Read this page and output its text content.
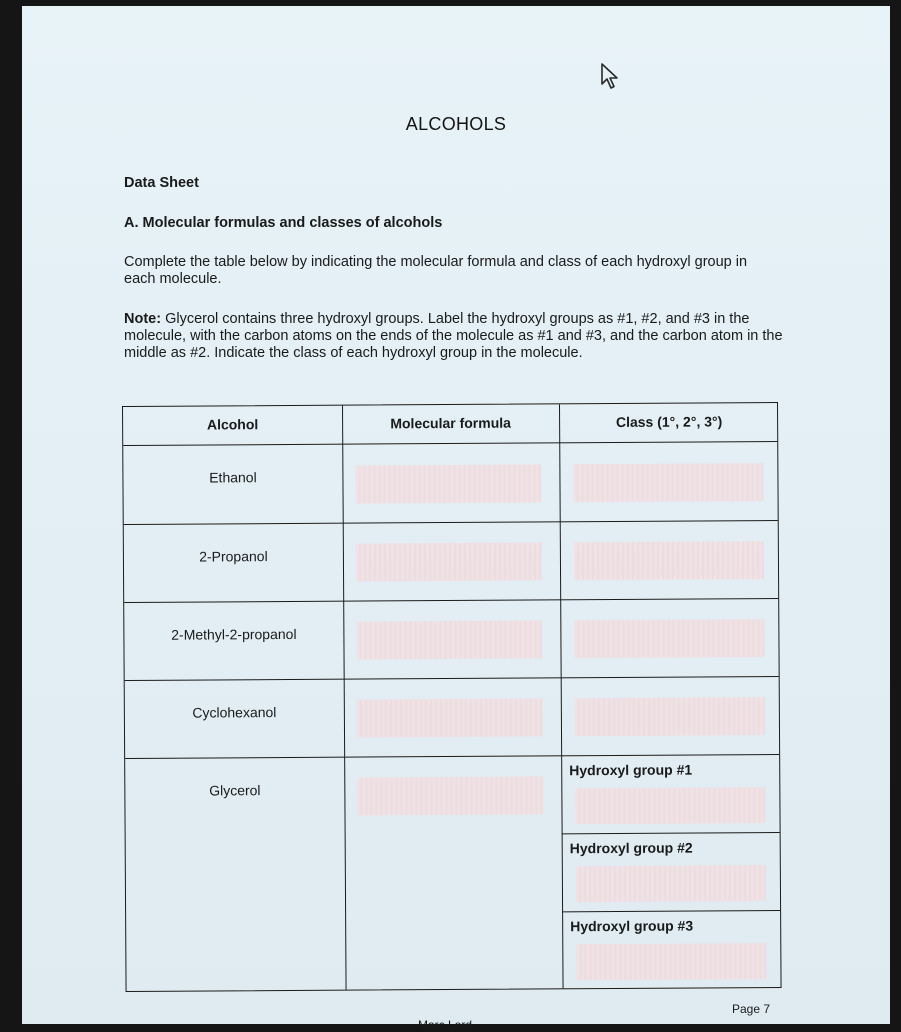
ALCOHOLS
Data Sheet
A. Molecular formulas and classes of alcohols
Complete the table below by indicating the molecular formula and class of each hydroxyl group in each molecule.
Note: Glycerol contains three hydroxyl groups. Label the hydroxyl groups as #1, #2, and #3 in the molecule, with the carbon atoms on the ends of the molecule as #1 and #3, and the carbon atom in the middle as #2. Indicate the class of each hydroxyl group in the molecule.
Alcohol	Molecular formula	Class (1°, 2°, 3°)
Ethanol
2-Propanol
2-Methyl-2-propanol
Cyclohexanol
Glycerol
Hydroxyl group #1
Hydroxyl group #2
Hydroxyl group #3
Page 7
Marc Lord
